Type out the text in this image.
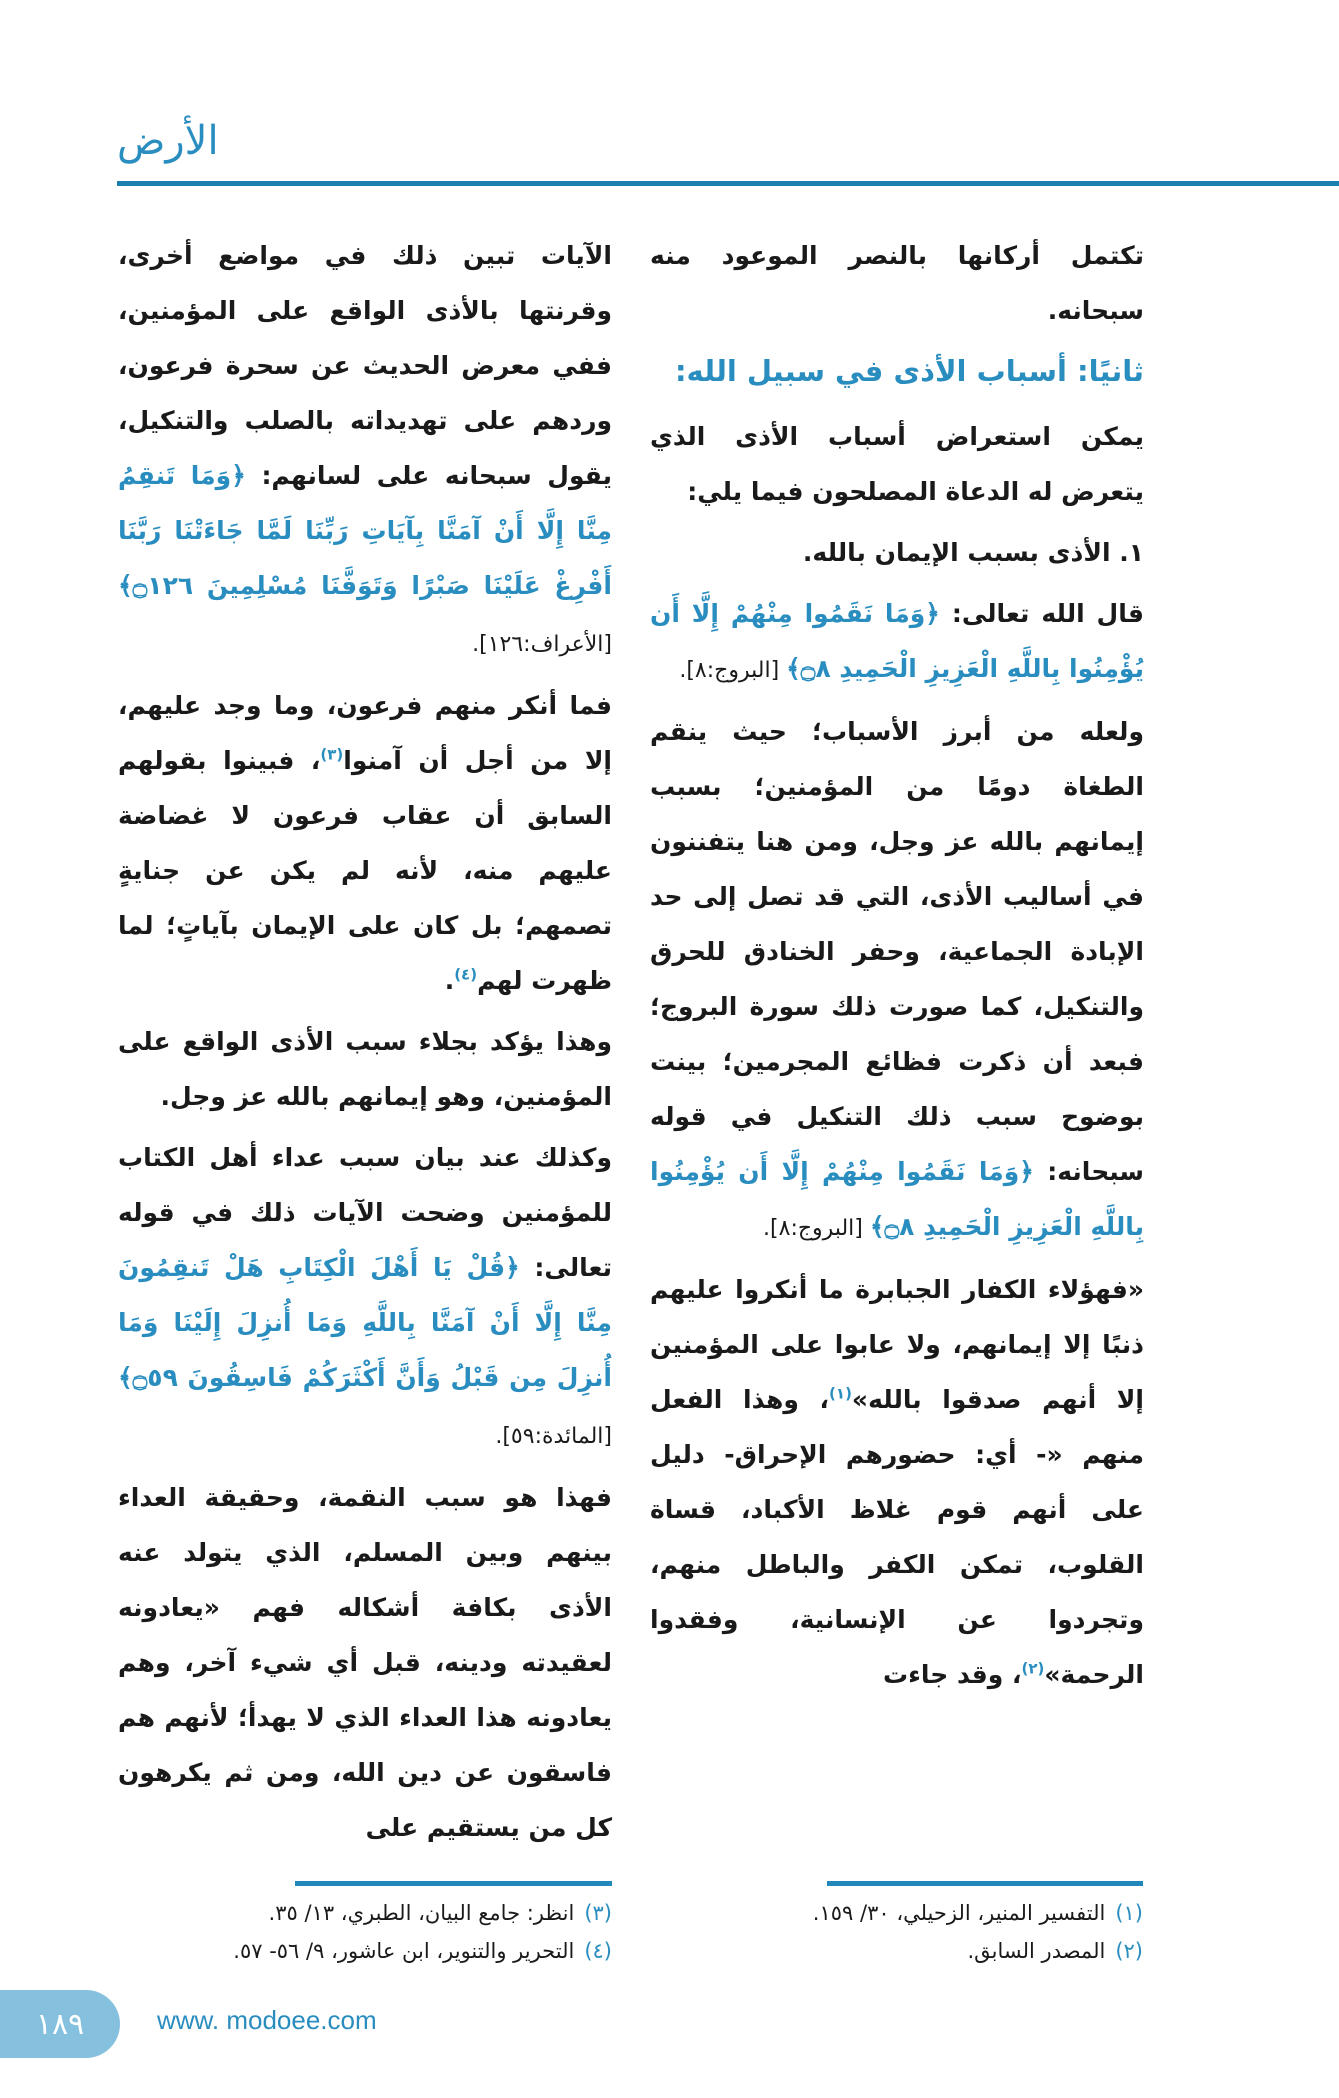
الأرض

تكتمل أركانها بالنصر الموعود منه سبحانه.

ثانيًا: أسباب الأذى في سبيل الله:

يمكن استعراض أسباب الأذى الذي يتعرض له الدعاة المصلحون فيما يلي:

١. الأذى بسبب الإيمان بالله.

قال الله تعالى: ﴿وَمَا نَقَمُوا مِنْهُمْ إِلَّا أَن يُؤْمِنُوا بِاللَّهِ الْعَزِيزِ الْحَمِيدِ ۝٨﴾ [البروج:٨].

ولعله من أبرز الأسباب؛ حيث ينقم الطغاة دومًا من المؤمنين؛ بسبب إيمانهم بالله عز وجل، ومن هنا يتفننون في أساليب الأذى، التي قد تصل إلى حد الإبادة الجماعية، وحفر الخنادق للحرق والتنكيل، كما صورت ذلك سورة البروج؛ فبعد أن ذكرت فظائع المجرمين؛ بينت بوضوح سبب ذلك التنكيل في قوله سبحانه: ﴿وَمَا نَقَمُوا مِنْهُمْ إِلَّا أَن يُؤْمِنُوا بِاللَّهِ الْعَزِيزِ الْحَمِيدِ ۝٨﴾ [البروج:٨].

«فهؤلاء الكفار الجبابرة ما أنكروا عليهم ذنبًا إلا إيمانهم، ولا عابوا على المؤمنين إلا أنهم صدقوا بالله»$^{(١)}$، وهذا الفعل منهم «- أي: حضورهم الإحراق- دليل على أنهم قوم غلاظ الأكباد، قساة القلوب، تمكن الكفر والباطل منهم، وتجردوا عن الإنسانية، وفقدوا الرحمة»$^{(٢)}$، وقد جاءت

الآيات تبين ذلك في مواضع أخرى، وقرنتها بالأذى الواقع على المؤمنين، ففي معرض الحديث عن سحرة فرعون، وردهم على تهديداته بالصلب والتنكيل، يقول سبحانه على لسانهم: ﴿وَمَا تَنقِمُ مِنَّا إِلَّا أَنْ آمَنَّا بِآيَاتِ رَبِّنَا لَمَّا جَاءَتْنَا رَبَّنَا أَفْرِغْ عَلَيْنَا صَبْرًا وَتَوَفَّنَا مُسْلِمِينَ ۝١٢٦﴾ [الأعراف:١٢٦].

فما أنكر منهم فرعون، وما وجد عليهم، إلا من أجل أن آمنوا$^{(٣)}$، فبينوا بقولهم السابق أن عقاب فرعون لا غضاضة عليهم منه، لأنه لم يكن عن جنايةٍ تصمهم؛ بل كان على الإيمان بآياتٍ؛ لما ظهرت لهم$^{(٤)}$.

وهذا يؤكد بجلاء سبب الأذى الواقع على المؤمنين، وهو إيمانهم بالله عز وجل.

وكذلك عند بيان سبب عداء أهل الكتاب للمؤمنين وضحت الآيات ذلك في قوله تعالى: ﴿قُلْ يَا أَهْلَ الْكِتَابِ هَلْ تَنقِمُونَ مِنَّا إِلَّا أَنْ آمَنَّا بِاللَّهِ وَمَا أُنزِلَ إِلَيْنَا وَمَا أُنزِلَ مِن قَبْلُ وَأَنَّ أَكْثَرَكُمْ فَاسِقُونَ ۝٥٩﴾ [المائدة:٥٩].

فهذا هو سبب النقمة، وحقيقة العداء بينهم وبين المسلم، الذي يتولد عنه الأذى بكافة أشكاله فهم «يعادونه لعقيدته ودينه، قبل أي شيء آخر، وهم يعادونه هذا العداء الذي لا يهدأ؛ لأنهم هم فاسقون عن دين الله، ومن ثم يكرهون كل من يستقيم على

(١)التفسير المنير، الزحيلي، ٣٠/ ١٥٩.
(٢)المصدر السابق.
(٣)انظر: جامع البيان، الطبري، ١٣/ ٣٥.
(٤)التحرير والتنوير، ابن عاشور، ٩/ ٥٦- ٥٧.
١٨٩	www. modoee.com
